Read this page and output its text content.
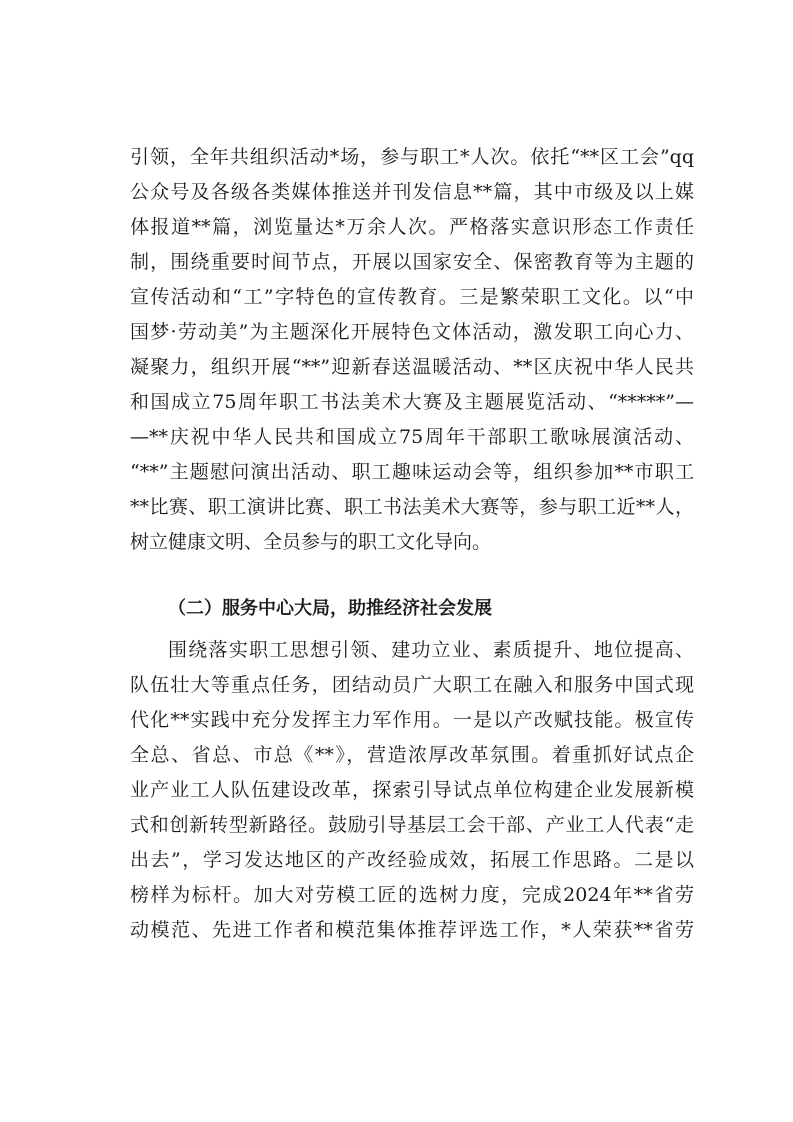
引领，全年共组织活动*场，参与职工*人次。依托“**区工会”qq
公众号及各级各类媒体推送并刊发信息**篇，其中市级及以上媒
体报道**篇，浏览量达*万余人次。严格落实意识形态工作责任
制，围绕重要时间节点，开展以国家安全、保密教育等为主题的
宣传活动和“工”字特色的宣传教育。三是繁荣职工文化。以“中
国梦·劳动美”为主题深化开展特色文体活动，激发职工向心力、
凝聚力，组织开展“**”迎新春送温暖活动、**区庆祝中华人民共
和国成立75周年职工书法美术大赛及主题展览活动、“*****”—
—**庆祝中华人民共和国成立75周年干部职工歌咏展演活动、
“**”主题慰问演出活动、职工趣味运动会等，组织参加**市职工
**比赛、职工演讲比赛、职工书法美术大赛等，参与职工近**人，
树立健康文明、全员参与的职工文化导向。
（二）服务中心大局，助推经济社会发展
围绕落实职工思想引领、建功立业、素质提升、地位提高、
队伍壮大等重点任务，团结动员广大职工在融入和服务中国式现
代化**实践中充分发挥主力军作用。一是以产改赋技能。极宣传
全总、省总、市总《**》，营造浓厚改革氛围。着重抓好试点企
业产业工人队伍建设改革，探索引导试点单位构建企业发展新模
式和创新转型新路径。鼓励引导基层工会干部、产业工人代表“走
出去”，学习发达地区的产改经验成效，拓展工作思路。二是以
榜样为标杆。加大对劳模工匠的选树力度，完成2024年**省劳
动模范、先进工作者和模范集体推荐评选工作，*人荣获**省劳
